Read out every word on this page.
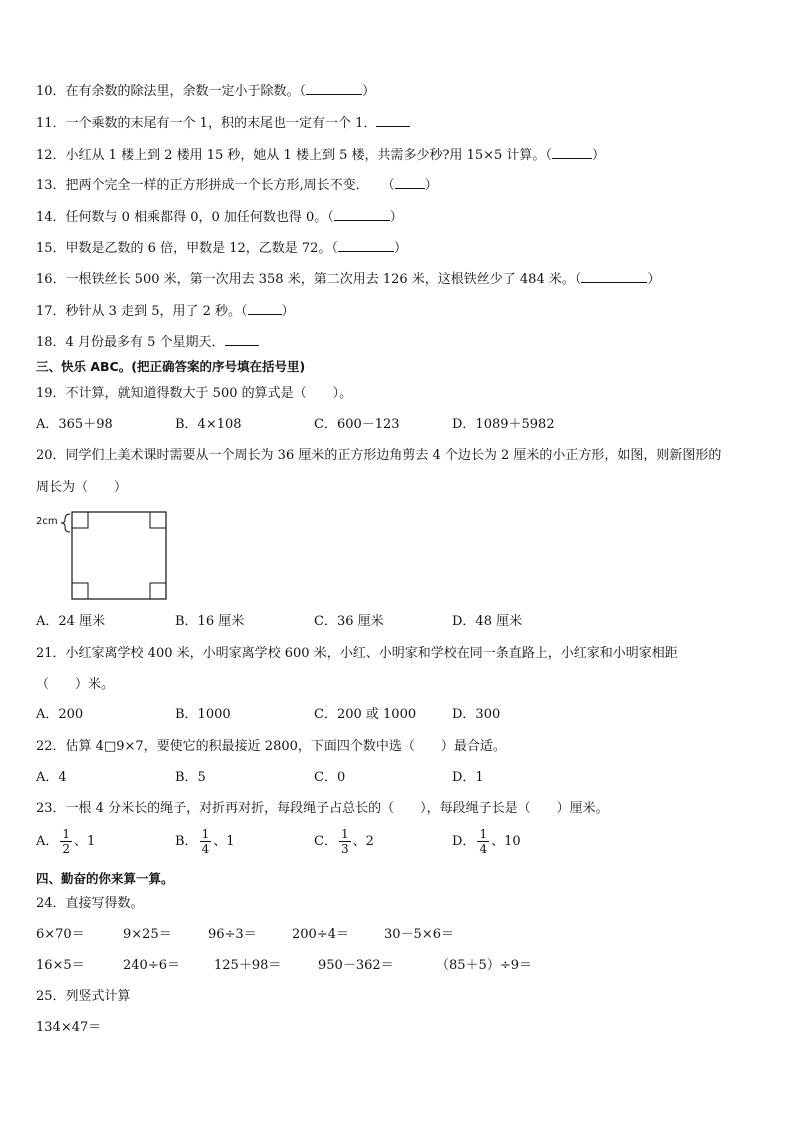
10．在有余数的除法里，余数一定小于除数。（	）
11．一个乘数的末尾有一个 1，积的末尾也一定有一个 1．
12．小红从 1 楼上到 2 楼用 15 秒，她从 1 楼上到 5 楼，共需多少秒?用 15×5 计算。（	）
13．把两个完全一样的正方形拼成一个长方形,周长不变．　　（ ）
14．任何数与 0 相乘都得 0，0 加任何数也得 0。（	）
15．甲数是乙数的 6 倍，甲数是 12，乙数是 72。（	）
16．一根铁丝长 500 米，第一次用去 358 米，第二次用去 126 米，这根铁丝少了 484 米。（	）
17．秒针从 3 走到 5，用了 2 秒。（	）
18．4 月份最多有 5 个星期天．
三、快乐 ABC。(把正确答案的序号填在括号里)
19．不计算，就知道得数大于 500 的算式是（　　）。
A．365＋98	B．4×108	C．600－123	D．1089＋5982
20．同学们上美术课时需要从一个周长为 36 厘米的正方形边角剪去 4 个边长为 2 厘米的小正方形，如图，则新图形的
周长为（　　）
2cm
A．24 厘米	B．16 厘米	C．36 厘米	D．48 厘米
21．小红家离学校 400 米，小明家离学校 600 米，小红、小明家和学校在同一条直路上，小红家和小明家相距
（　　）米。
A．200	B．1000	C．200 或 1000	D．300
22．估算 4□9×7，要使它的积最接近 2800，下面四个数中选（　　）最合适。
A．4	B．5	C．0	D．1
23．一根 4 分米长的绳子，对折再对折，每段绳子占总长的（　　），每段绳子长是（　　）厘米。
A． $\frac{1}{2}$ 、1	B． $\frac{1}{4}$ 、1	C． $\frac{1}{3}$ 、2	D． $\frac{1}{4}$ 、10
四、勤奋的你来算一算。
24．直接写得数。
6×70＝	9×25＝	96÷3＝	200÷4＝	30－5×6＝
16×5＝	240÷6＝	125＋98＝	950－362＝	（85＋5）÷9＝
25．列竖式计算
134×47＝
